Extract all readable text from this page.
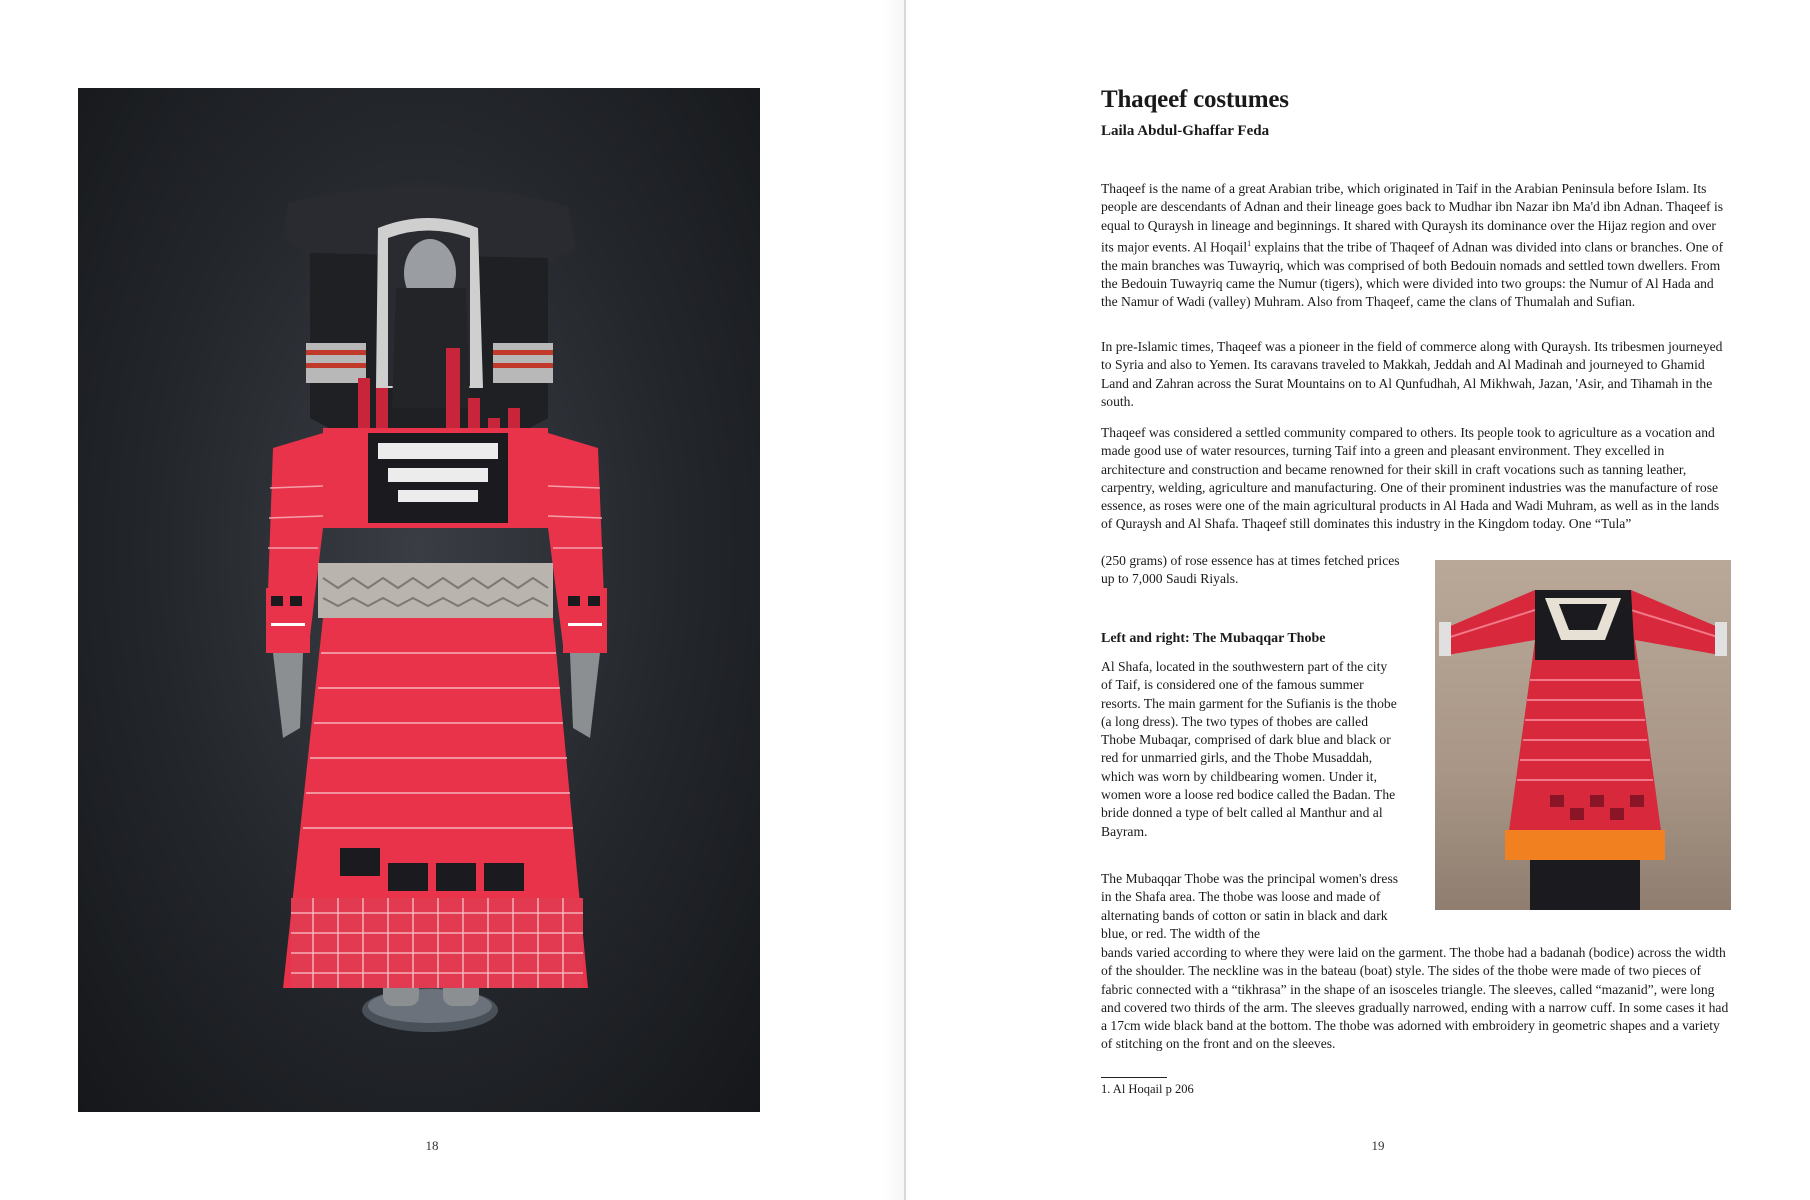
18
Thaqeef costumes

Laila Abdul-Ghaffar Feda

Thaqeef is the name of a great Arabian tribe, which originated in Taif in the Arabian Peninsula before Islam. Its people are descendants of Adnan and their lineage goes back to Mudhar ibn Nazar ibn Ma'd ibn Adnan. Thaqeef is equal to Quraysh in lineage and beginnings. It shared with Quraysh its dominance over the Hijaz region and over its major events. Al Hoqail$^1$ explains that the tribe of Thaqeef of Adnan was divided into clans or branches. One of the main branches was Tuwayriq, which was comprised of both Bedouin nomads and settled town dwellers. From the Bedouin Tuwayriq came the Numur (tigers), which were divided into two groups: the Numur of Al Hada and the Namur of Wadi (valley) Muhram. Also from Thaqeef, came the clans of Thumalah and Sufian.

In pre-Islamic times, Thaqeef was a pioneer in the field of commerce along with Quraysh. Its tribesmen journeyed to Syria and also to Yemen. Its caravans traveled to Makkah, Jeddah and Al Madinah and journeyed to Ghamid Land and Zahran across the Surat Mountains on to Al Qunfudhah, Al Mikhwah, Jazan, 'Asir, and Tihamah in the south.

Thaqeef was considered a settled community compared to others. Its people took to agriculture as a vocation and made good use of water resources, turning Taif into a green and pleasant environment. They excelled in architecture and construction and became renowned for their skill in craft vocations such as tanning leather, carpentry, welding, agriculture and manufacturing. One of their prominent industries was the manufacture of rose essence, as roses were one of the main agricultural products in Al Hada and Wadi Muhram, as well as in the lands of Quraysh and Al Shafa. Thaqeef still dominates this industry in the Kingdom today. One “Tula”

(250 grams) of rose essence has at times fetched prices up to 7,000 Saudi Riyals.

Left and right: The Mubaqqar Thobe

Al Shafa, located in the southwestern part of the city of Taif, is considered one of the famous summer resorts. The main garment for the Sufianis is the thobe (a long dress). The two types of thobes are called Thobe Mubaqar, comprised of dark blue and black or red for unmarried girls, and the Thobe Musaddah, which was worn by childbearing women. Under it, women wore a loose red bodice called the Badan. The bride donned a type of belt called al Manthur and al Bayram.

The Mubaqqar Thobe was the principal women's dress in the Shafa area. The thobe was loose and made of alternating bands of cotton or satin in black and dark blue, or red. The width of the

bands varied according to where they were laid on the garment. The thobe had a badanah (bodice) across the width of the shoulder. The neckline was in the bateau (boat) style. The sides of the thobe were made of two pieces of fabric connected with a “tikhrasa” in the shape of an isosceles triangle. The sleeves, called “mazanid”, were long and covered two thirds of the arm. The sleeves gradually narrowed, ending with a narrow cuff. In some cases it had a 17cm wide black band at the bottom. The thobe was adorned with embroidery in geometric shapes and a variety of stitching on the front and on the sleeves.

1. Al Hoqail p 206
19
